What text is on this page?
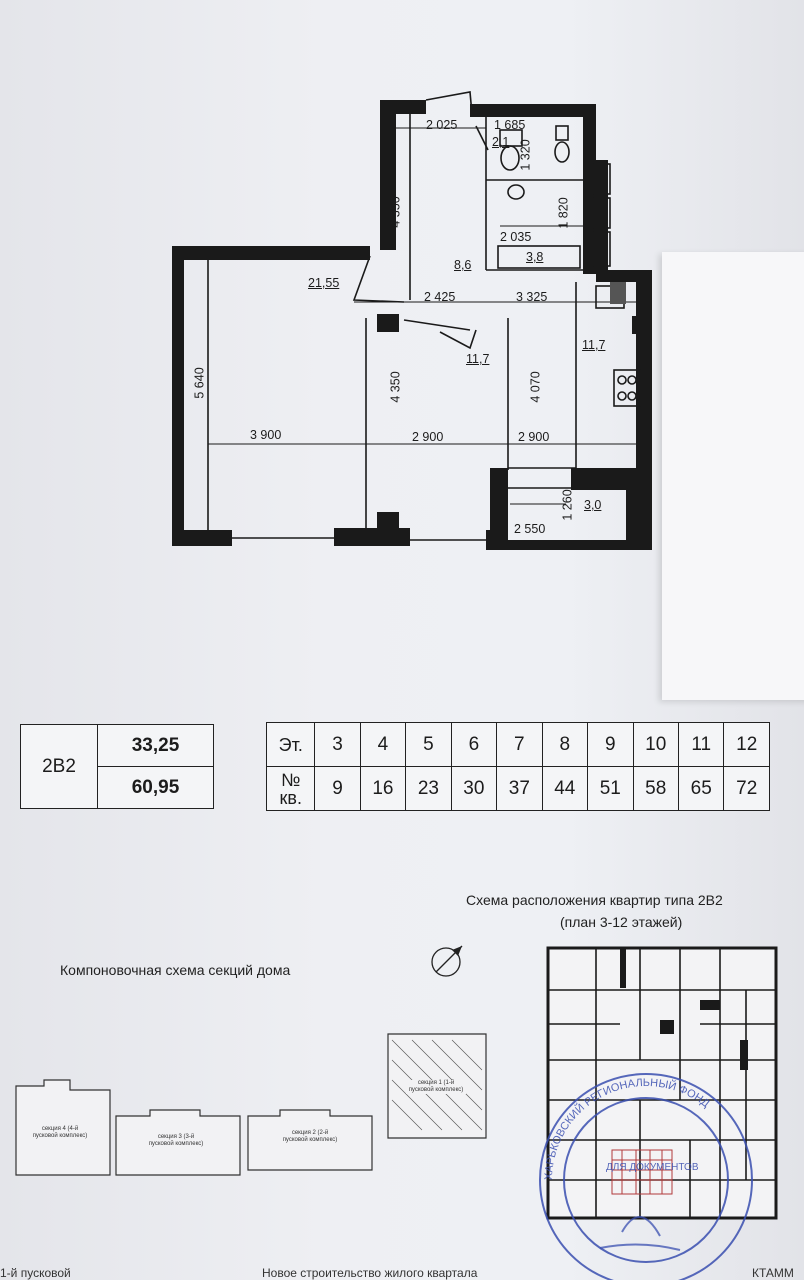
2 025	1 685
2,1 1 320
4 350	1 820
2 035
8,6
3,8
21,55
2 425	3 325
5 640	4 350
11,7
11,7
4 070
3 900	2 900	2 900
1 260 3,0
2 550
2В2	33,25
60,95
Эт.	3	4	5	6	7	8	9	10	11	12

№
кв.	9	16	23	30	37	44	51	58	65	72
Схема расположения квартир типа 2В2
(план 3-12 этажей)
Компоновочная схема секций дома
секция 4 (4-й пусковой комплекс)	секция 3 (3-й пусковой комплекс)
секция 2 (2-й пусковой комплекс)
секция 1 (1-й пусковой комплекс)
ХАРЬКОВСКИЙ РЕГИОНАЛЬНЫЙ ФОНД
ДЛЯ ДОКУМЕНТОВ
1-й пусковой	Новое строительство жилого квартала	КТАММ
